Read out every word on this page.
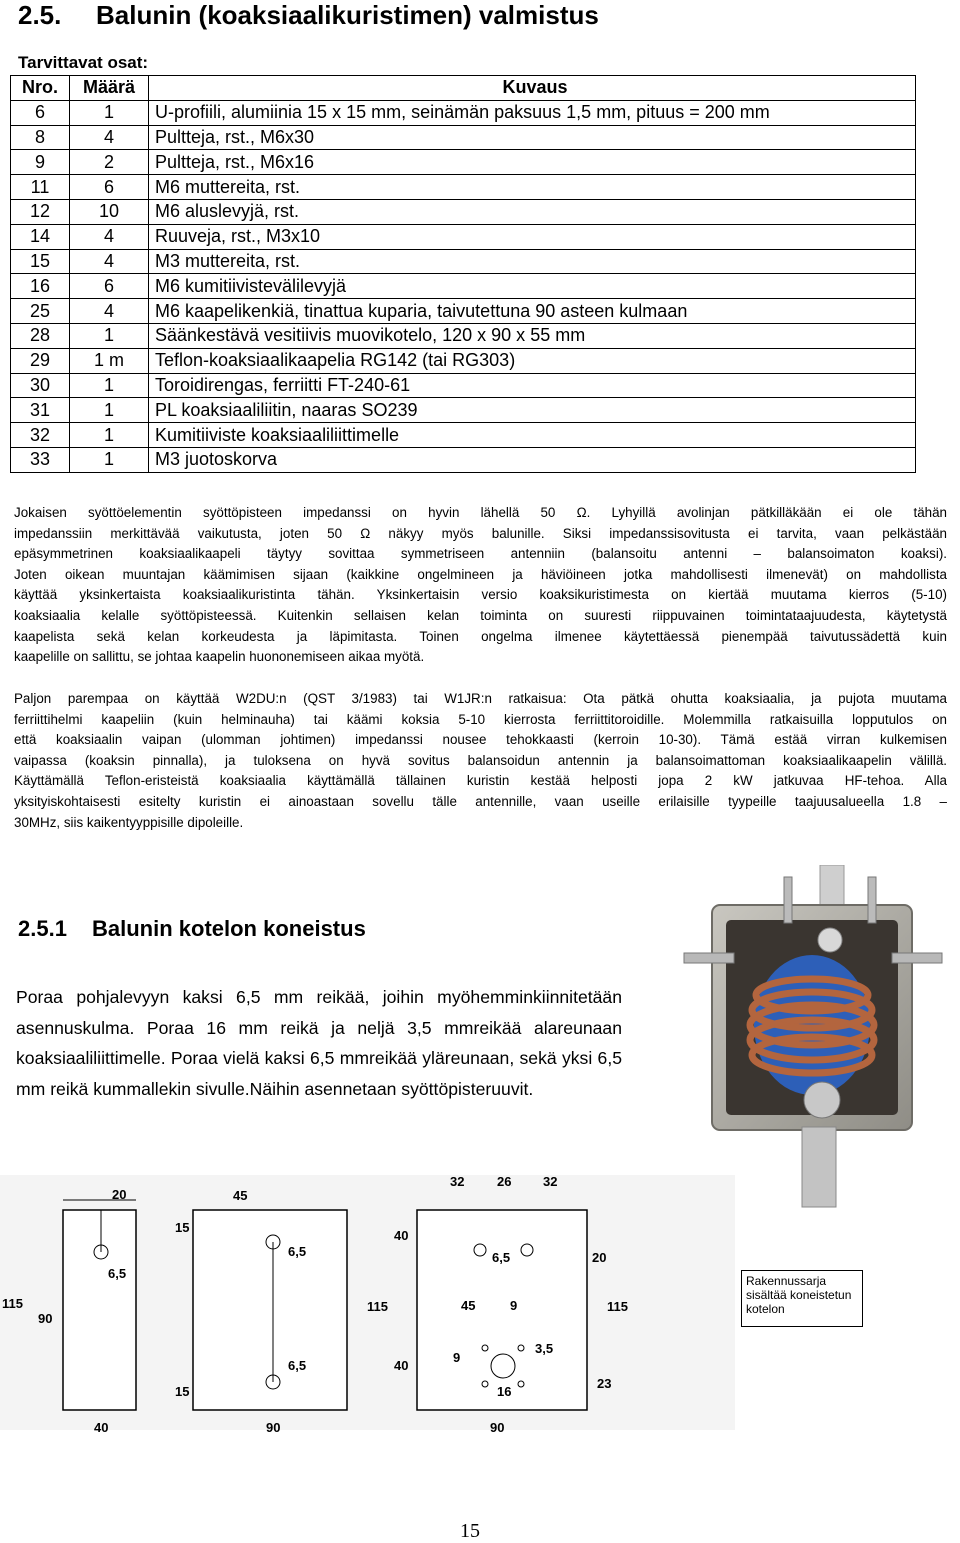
2.5. Balunin (koaksiaalikuristimen) valmistus
Tarvittavat osat:
Nro.	Määrä	Kuvaus
6	1	U-profiili, alumiinia 15 x 15 mm, seinämän paksuus 1,5 mm, pituus = 200 mm
8	4	Pultteja, rst., M6x30
9	2	Pultteja, rst., M6x16
11	6	M6 muttereita, rst.
12	10	M6 aluslevyjä, rst.
14	4	Ruuveja, rst., M3x10
15	4	M3 muttereita, rst.
16	6	M6 kumitiivistevälilevyjä
25	4	M6 kaapelikenkiä, tinattua kuparia, taivutettuna 90 asteen kulmaan
28	1	Säänkestävä vesitiivis muovikotelo, 120 x 90 x 55 mm
29	1 m	Teflon-koaksiaalikaapelia RG142 (tai RG303)
30	1	Toroidirengas, ferriitti FT-240-61
31	1	PL koaksiaaliliitin, naaras SO239
32	1	Kumitiiviste koaksiaaliliittimelle
33	1	M3 juotoskorva
Jokaisen syöttöelementin syöttöpisteen impedanssi on hyvin lähellä 50 Ω. Lyhyillä avolinjan pätkilläkään ei ole tähän
impedanssiin merkittävää vaikutusta, joten 50 Ω näkyy myös balunille. Siksi impedanssisovitusta ei tarvita, vaan pelkästään
epäsymmetrinen koaksiaalikaapeli täytyy sovittaa symmetriseen antenniin (balansoitu antenni – balansoimaton koaksi).
Joten oikean muuntajan käämimisen sijaan (kaikkine ongelmineen ja häviöineen jotka mahdollisesti ilmenevät) on mahdollista
käyttää yksinkertaista koaksiaalikuristinta tähän. Yksinkertaisin versio koaksikuristimesta on kiertää muutama kierros (5-10)
koaksiaalia kelalle syöttöpisteessä. Kuitenkin sellaisen kelan toiminta on suuresti riippuvainen toimintataajuudesta, käytetystä
kaapelista sekä kelan korkeudesta ja läpimitasta. Toinen ongelma ilmenee käytettäessä pienempää taivutussädettä kuin
kaapelille on sallittu, se johtaa kaapelin huononemiseen aikaa myötä.
Paljon parempaa on käyttää W2DU:n (QST 3/1983) tai W1JR:n ratkaisua: Ota pätkä ohutta koaksiaalia, ja pujota muutama
ferriittihelmi kaapeliin (kuin helminauha) tai käämi koksia 5-10 kierrosta ferriittitoroidille. Molemmilla ratkaisuilla lopputulos on
että koaksiaalin vaipan (ulomman johtimen) impedanssi nousee tehokkaasti (kerroin 10-30). Tämä estää virran kulkemisen
vaipassa (koaksin pinnalla), ja tuloksena on hyvä sovitus balansoidun antennin ja balansoimattoman koaksiaalikaapelin välillä.
Käyttämällä Teflon-eristeistä koaksiaalia käyttämällä tällainen kuristin kestää helposti jopa 2 kW jatkuvaa HF-tehoa. Alla
yksityiskohtaisesti esitelty kuristin ei ainoastaan sovellu tälle antennille, vaan useille erilaisille tyypeille taajuusalueella 1.8 –
30MHz, siis kaikentyyppisille dipoleille.
2.5.1 Balunin kotelon koneistus
Poraa pohjalevyyn kaksi 6,5 mm reikää, joihin myöhemminkiinnitetään asennuskulma. Poraa 16 mm reikä ja neljä 3,5 mmreikää alareunaan koaksiaaliliittimelle. Poraa vielä kaksi 6,5 mmreikää yläreunaan, sekä yksi 6,5 mm reikä kummallekin sivulle.Näihin asennetaan syöttöpisteruuvit.
20
6,5
115
90
40
45
15
6,5
115
6,5
15
90
32	26 32
40
6,5	20
45	9
3,5
9
40
16
23
90
115
Rakennussarja sisältää koneistetun kotelon
15
